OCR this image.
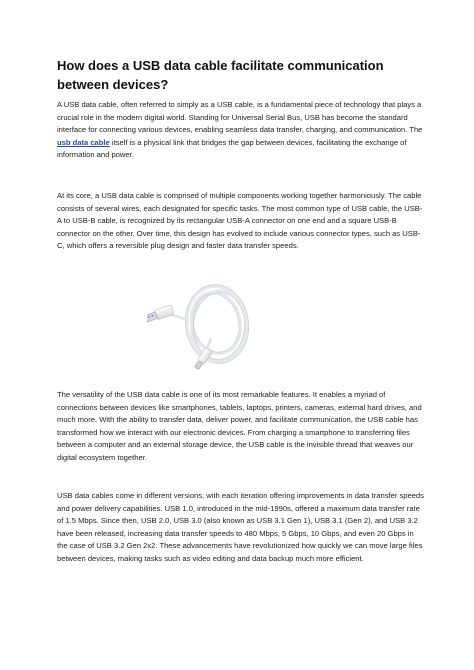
How does a USB data cable facilitate communication between devices?

A USB data cable, often referred to simply as a USB cable, is a fundamental piece of technology that plays a crucial role in the modern digital world. Standing for Universal Serial Bus, USB has become the standard interface for connecting various devices, enabling seamless data transfer, charging, and communication. The usb data cable itself is a physical link that bridges the gap between devices, facilitating the exchange of information and power.

At its core, a USB data cable is comprised of multiple components working together harmoniously. The cable consists of several wires, each designated for specific tasks. The most common type of USB cable, the USB-A to USB-B cable, is recognized by its rectangular USB-A connector on one end and a square USB-B connector on the other. Over time, this design has evolved to include various connector types, such as USB-C, which offers a reversible plug design and faster data transfer speeds.

The versatility of the USB data cable is one of its most remarkable features. It enables a myriad of connections between devices like smartphones, tablets, laptops, printers, cameras, external hard drives, and much more. With the ability to transfer data, deliver power, and facilitate communication, the USB cable has transformed how we interact with our electronic devices. From charging a smartphone to transferring files between a computer and an external storage device, the USB cable is the invisible thread that weaves our digital ecosystem together.

USB data cables come in different versions, with each iteration offering improvements in data transfer speeds and power delivery capabilities. USB 1.0, introduced in the mid-1990s, offered a maximum data transfer rate of 1.5 Mbps. Since then, USB 2.0, USB 3.0 (also known as USB 3.1 Gen 1), USB 3.1 (Gen 2), and USB 3.2 have been released, increasing data transfer speeds to 480 Mbps, 5 Gbps, 10 Gbps, and even 20 Gbps in the case of USB 3.2 Gen 2x2. These advancements have revolutionized how quickly we can move large files between devices, making tasks such as video editing and data backup much more efficient.
